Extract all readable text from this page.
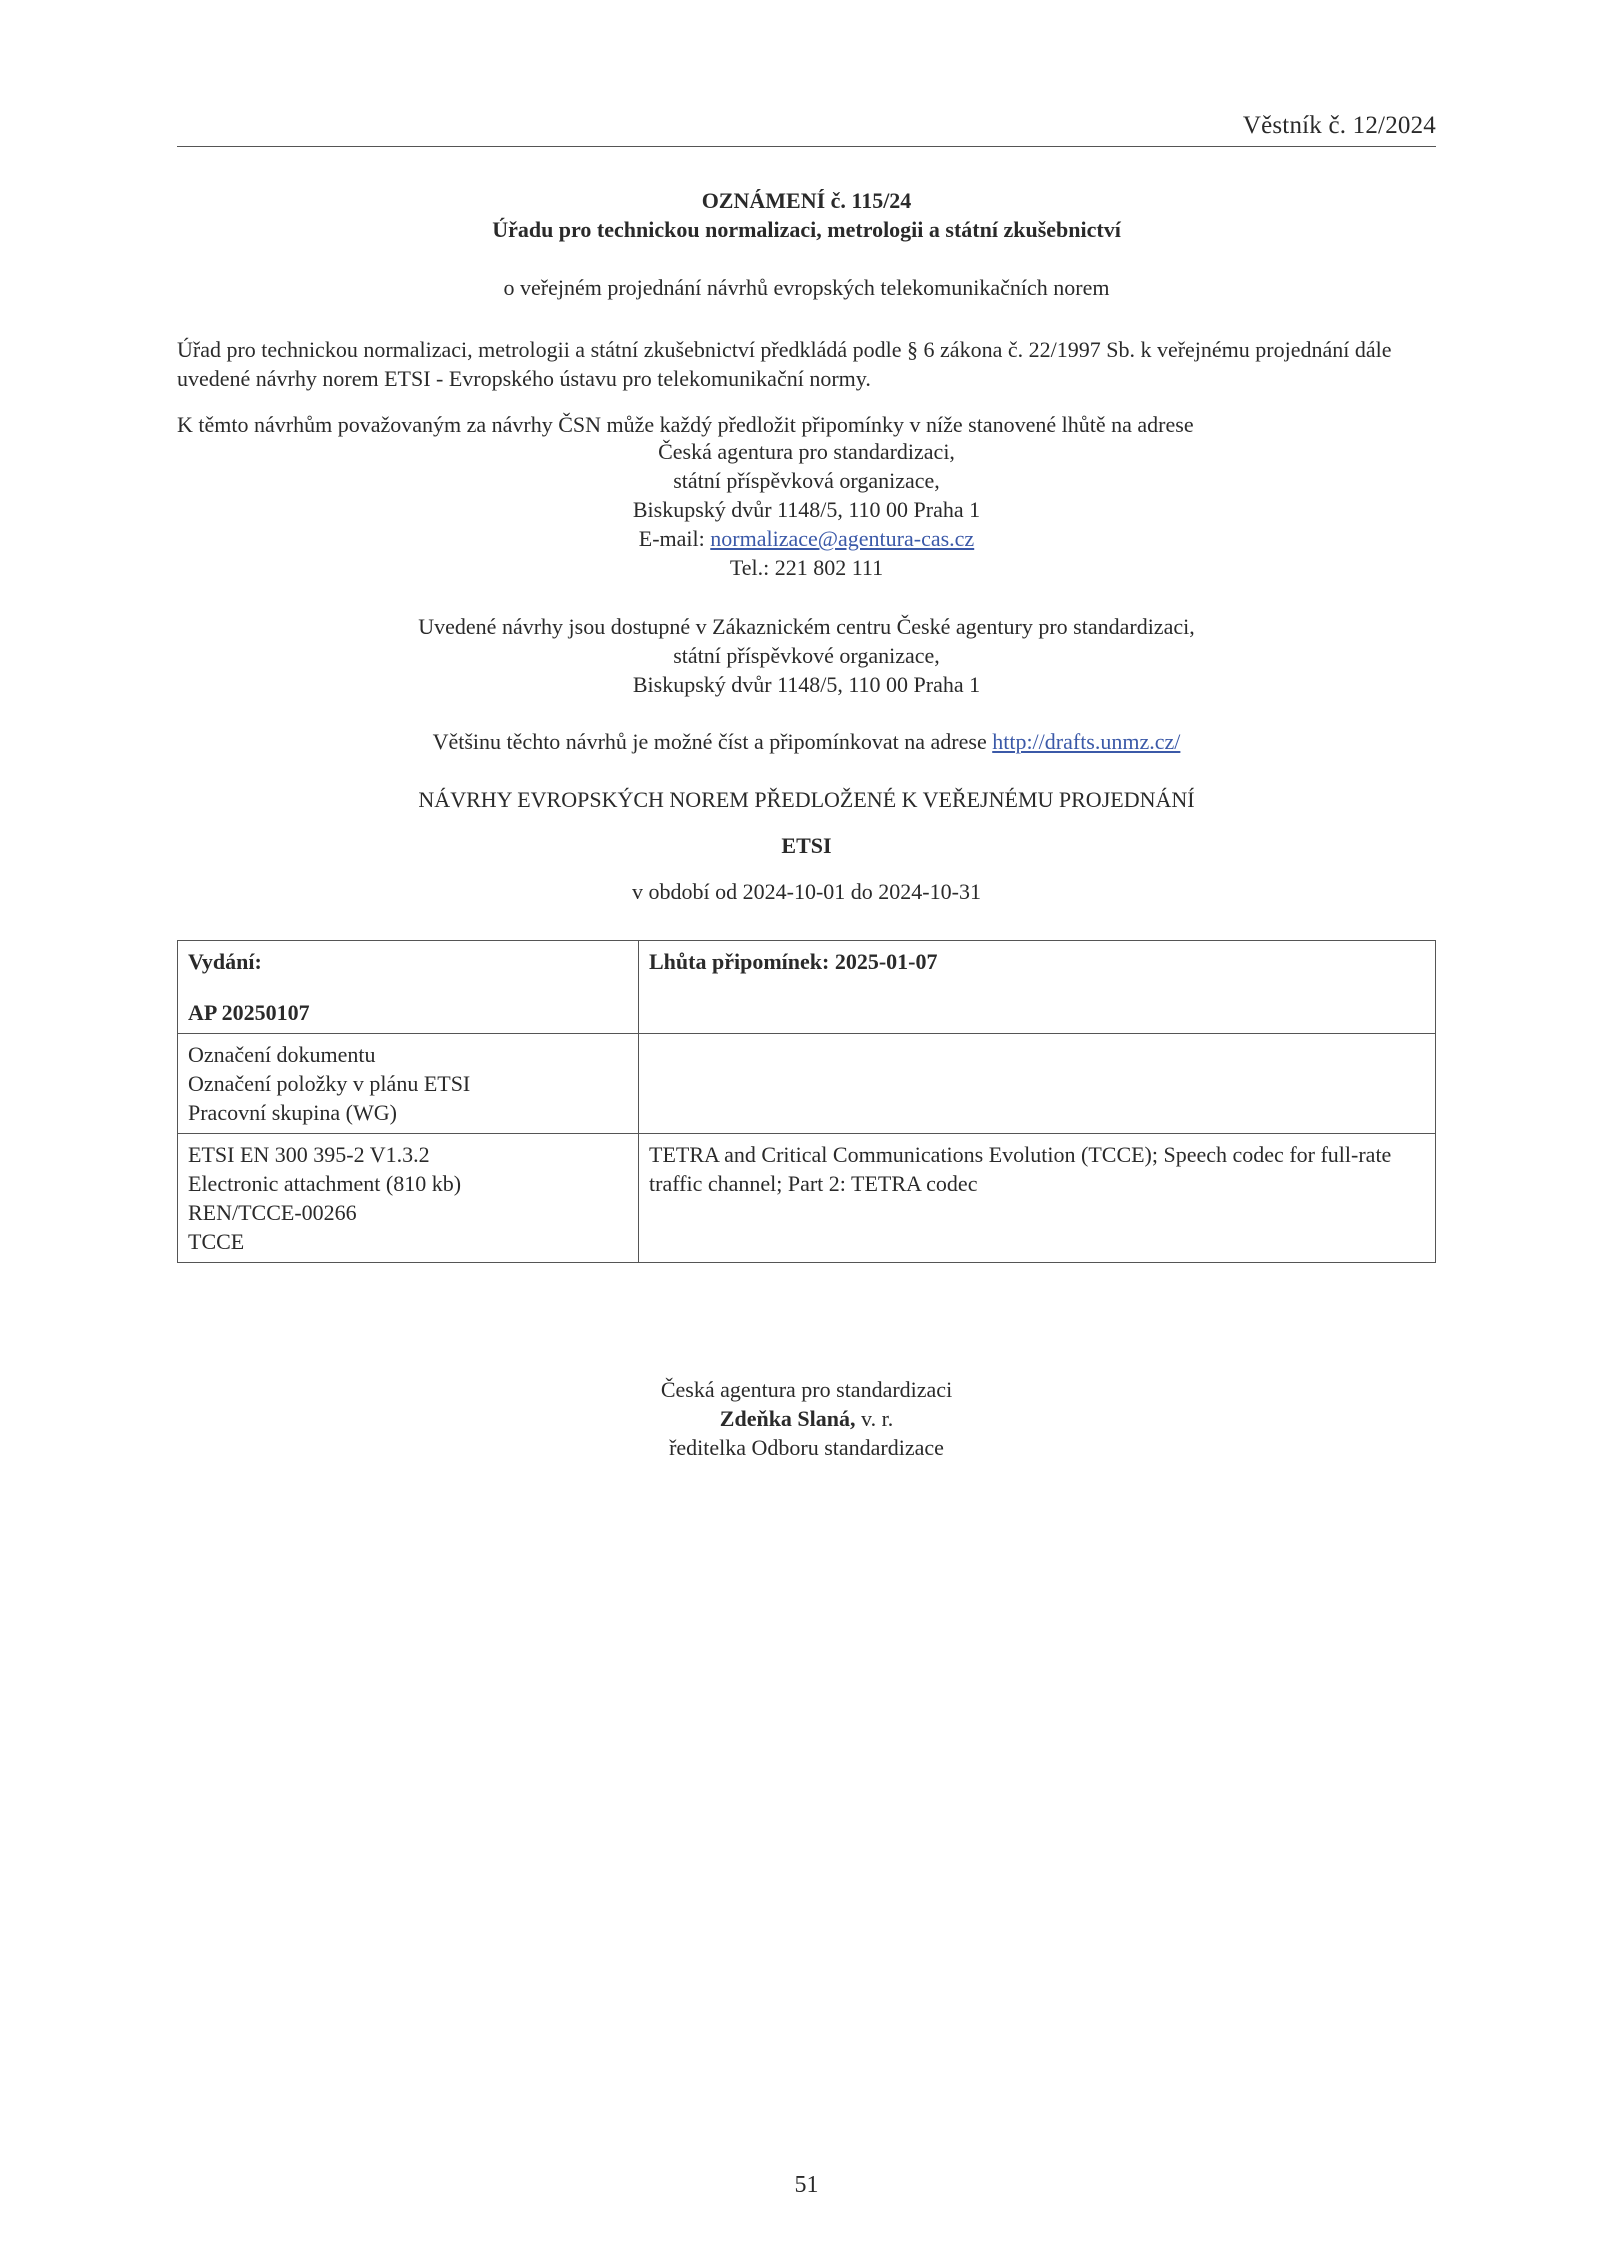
Věstník č. 12/2024
OZNÁMENÍ č. 115/24
Úřadu pro technickou normalizaci, metrologii a státní zkušebnictví
o veřejném projednání návrhů evropských telekomunikačních norem
Úřad pro technickou normalizaci, metrologii a státní zkušebnictví předkládá podle § 6 zákona č. 22/1997 Sb. k veřejnému projednání dále uvedené návrhy norem ETSI - Evropského ústavu pro telekomunikační normy.
K těmto návrhům považovaným za návrhy ČSN může každý předložit připomínky v níže stanovené lhůtě na adrese
Česká agentura pro standardizaci,
státní příspěvková organizace,
Biskupský dvůr 1148/5, 110 00 Praha 1
E-mail: normalizace@agentura-cas.cz
Tel.: 221 802 111
Uvedené návrhy jsou dostupné v Zákaznickém centru České agentury pro standardizaci,
státní příspěvkové organizace,
Biskupský dvůr 1148/5, 110 00 Praha 1
Většinu těchto návrhů je možné číst a připomínkovat na adrese http://drafts.unmz.cz/
NÁVRHY EVROPSKÝCH NOREM PŘEDLOŽENÉ K VEŘEJNÉMU PROJEDNÁNÍ
ETSI
v období od 2024-10-01 do 2024-10-31
Vydání:
AP 20250107	Lhůta připomínek: 2025-01-07

Označení dokumentu
Označení položky v plánu ETSI
Pracovní skupina (WG)	

ETSI EN 300 395-2 V1.3.2
Electronic attachment (810 kb)
REN/TCCE-00266
TCCE	TETRA and Critical Communications Evolution (TCCE); Speech codec for full-rate traffic channel; Part 2: TETRA codec
Česká agentura pro standardizaci
Zdeňka Slaná, v. r.
ředitelka Odboru standardizace
51
